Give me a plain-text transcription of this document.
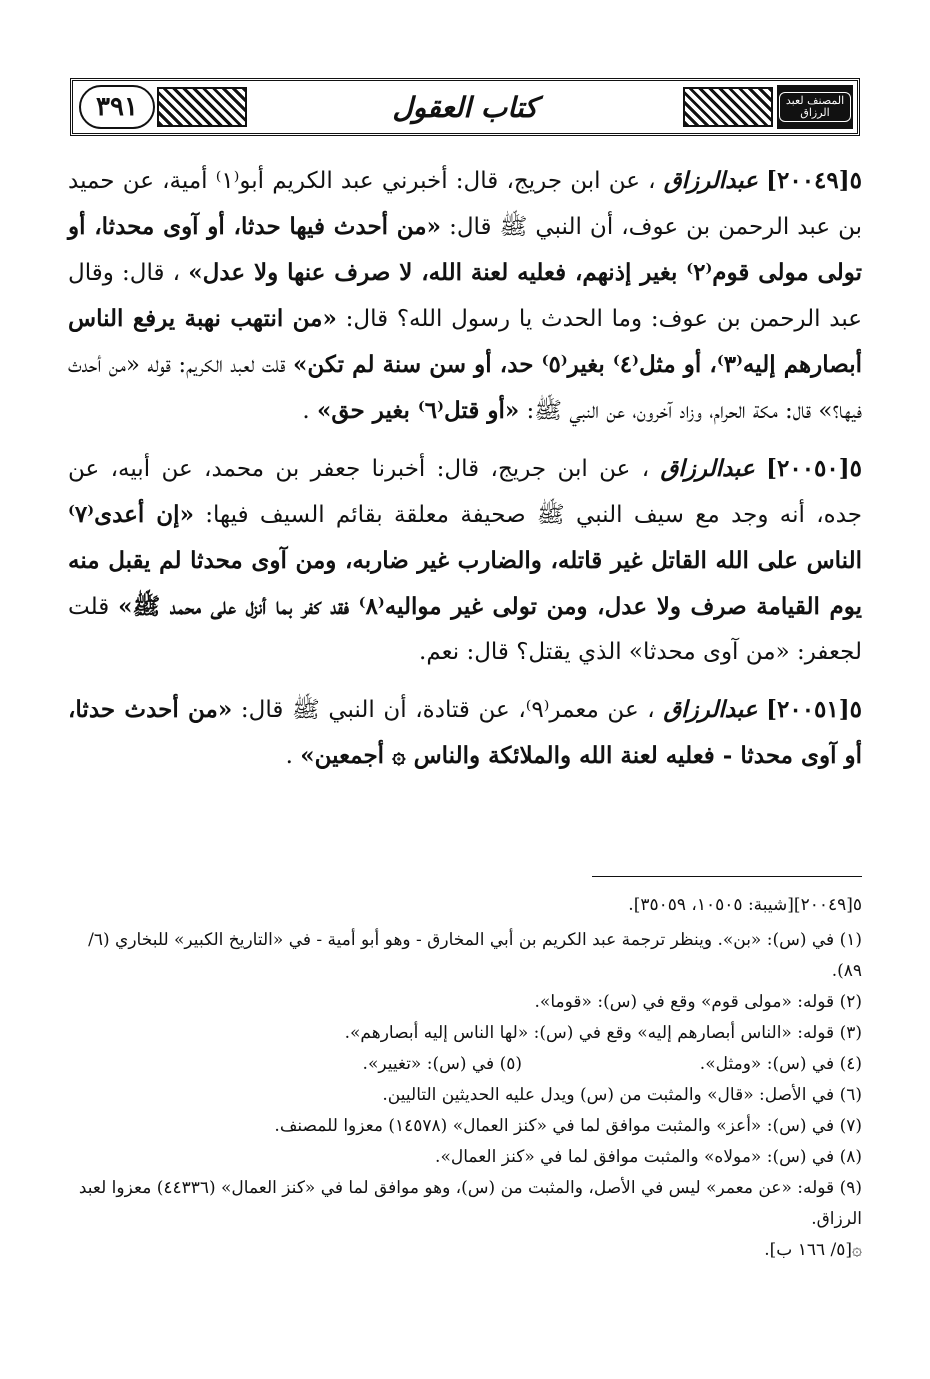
المصنف لعبد الرزاق
كتاب العقول
٣٩١

٥[٢٠٠٤٩] عبدالرزاق ، عن ابن جريج، قال: أخبرني عبد الكريم أبو⁽١⁾ أمية، عن حميد بن عبد الرحمن بن عوف، أن النبي ﷺ قال: «من أحدث فيها حدثا، أو آوى محدثا، أو تولى مولى قوم⁽٢⁾ بغير إذنهم، فعليه لعنة الله، لا صرف عنها ولا عدل» ، قال: وقال عبد الرحمن بن عوف: وما الحدث يا رسول الله؟ قال: «من انتهب نهبة يرفع الناس أبصارهم إليه⁽٣⁾، أو مثل⁽٤⁾ بغير⁽٥⁾ حد، أو سن سنة لم تكن» قلت لعبد الكريم: قوله «من أحدث فيها؟» قال: مكة الحرام، وزاد آخرون، عن النبي ﷺ: «أو قتل⁽٦⁾ بغير حق» .

٥[٢٠٠٥٠] عبدالرزاق ، عن ابن جريج، قال: أخبرنا جعفر بن محمد، عن أبيه، عن جده، أنه وجد مع سيف النبي ﷺ صحيفة معلقة بقائم السيف فيها: «إن أعدى⁽٧⁾ الناس على الله القاتل غير قاتله، والضارب غير ضاربه، ومن آوى محدثا لم يقبل منه يوم القيامة صرف ولا عدل، ومن تولى غير مواليه⁽٨⁾ فقد كفر بما أنزل على محمد ﷺ» قلت لجعفر: «من آوى محدثا» الذي يقتل؟ قال: نعم.

٥[٢٠٠٥١] عبدالرزاق ، عن معمر⁽٩⁾، عن قتادة، أن النبي ﷺ قال: «من أحدث حدثا، أو آوى محدثا - فعليه لعنة الله والملائكة والناس ۞ أجمعين» .

٥[٢٠٠٤٩][شيبة: ١٠٥٠٥، ٣٥٠٥٩].

(١) في (س): «بن». وينظر ترجمة عبد الكريم بن أبي المخارق - وهو أبو أمية - في «التاريخ الكبير» للبخاري (٦/ ٨٩).

(٢) قوله: «مولى قوم» وقع في (س): «قوما».

(٣) قوله: «الناس أبصارهم إليه» وقع في (س): «لها الناس إليه أبصارهم».

(٤) في (س): «ومثل».

(٥) في (س): «تغيير».

(٦) في الأصل: «قال» والمثبت من (س) ويدل عليه الحديثين التاليين.

(٧) في (س): «أعز» والمثبت موافق لما في «كنز العمال» (١٤٥٧٨) معزوا للمصنف.

(٨) في (س): «مولاه» والمثبت موافق لما في «كنز العمال».

(٩) قوله: «عن معمر» ليس في الأصل، والمثبت من (س)، وهو موافق لما في «كنز العمال» (٤٤٣٣٦) معزوا لعبد الرزاق.

۞[٥/ ١٦٦ ب].
